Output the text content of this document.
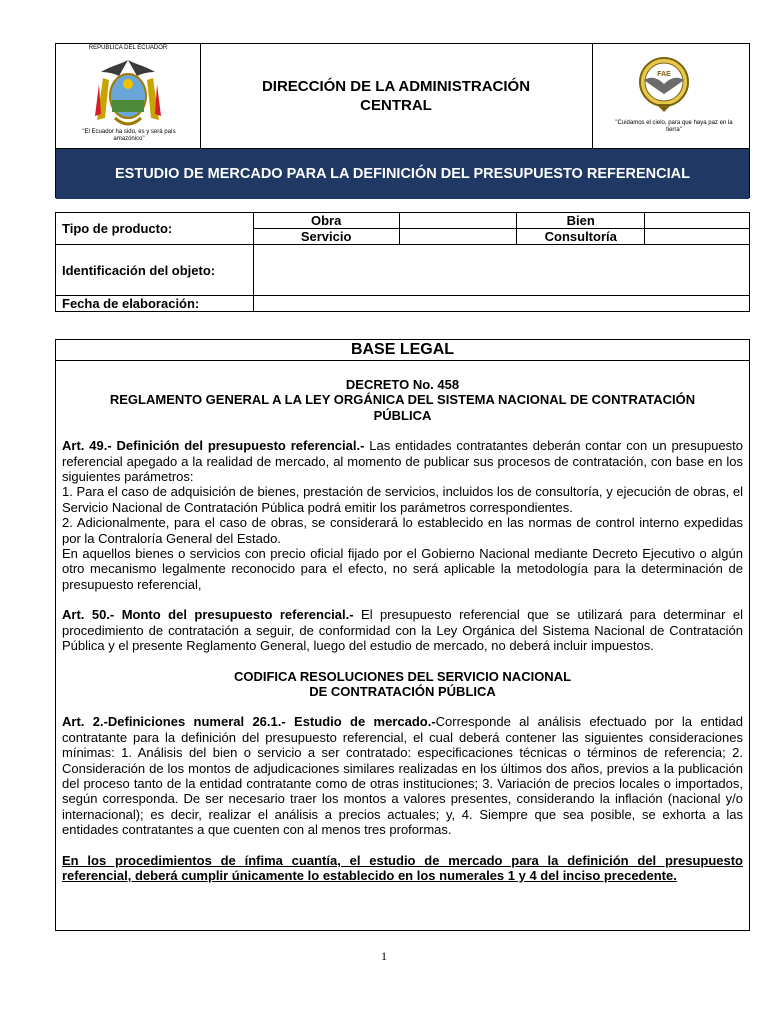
REPÚBLICA DEL ECUADOR
"El Ecuador ha sido, es y será país amazónico"
DIRECCIÓN DE LA ADMINISTRACIÓN CENTRAL
FAE
"Cuidamos el cielo, para que haya paz en la tierra"
ESTUDIO DE MERCADO PARA LA DEFINICIÓN DEL PRESUPUESTO REFERENCIAL
Tipo de producto:	Obra		Bien	
	Servicio		Consultoría	
Identificación del objeto:				
Fecha de elaboración:				
BASE LEGAL
DECRETO No. 458
REGLAMENTO GENERAL A LA LEY ORGÁNICA DEL SISTEMA NACIONAL DE CONTRATACIÓN PÚBLICA

Art. 49.- Definición del presupuesto referencial.- Las entidades contratantes deberán contar con un presupuesto referencial apegado a la realidad de mercado, al momento de publicar sus procesos de contratación, con base en los siguientes parámetros:

1. Para el caso de adquisición de bienes, prestación de servicios, incluidos los de consultoría, y ejecución de obras, el Servicio Nacional de Contratación Pública podrá emitir los parámetros correspondientes.

2. Adicionalmente, para el caso de obras, se considerará lo establecido en las normas de control interno expedidas por la Contraloría General del Estado.

En aquellos bienes o servicios con precio oficial fijado por el Gobierno Nacional mediante Decreto Ejecutivo o algún otro mecanismo legalmente reconocido para el efecto, no será aplicable la metodología para la determinación de presupuesto referencial,

Art. 50.- Monto del presupuesto referencial.- El presupuesto referencial que se utilizará para determinar el procedimiento de contratación a seguir, de conformidad con la Ley Orgánica del Sistema Nacional de Contratación Pública y el presente Reglamento General, luego del estudio de mercado, no deberá incluir impuestos.

CODIFICA RESOLUCIONES DEL SERVICIO NACIONAL
DE CONTRATACIÓN PÚBLICA

Art. 2.-Definiciones numeral 26.1.- Estudio de mercado.-Corresponde al análisis efectuado por la entidad contratante para la definición del presupuesto referencial, el cual deberá contener las siguientes consideraciones mínimas: 1. Análisis del bien o servicio a ser contratado: especificaciones técnicas o términos de referencia; 2. Consideración de los montos de adjudicaciones similares realizadas en los últimos dos años, previos a la publicación del proceso tanto de la entidad contratante como de otras instituciones; 3. Variación de precios locales o importados, según corresponda. De ser necesario traer los montos a valores presentes, considerando la inflación (nacional y/o internacional); es decir, realizar el análisis a precios actuales; y, 4. Siempre que sea posible, se exhorta a las entidades contratantes a que cuenten con al menos tres proformas.

En los procedimientos de ínfima cuantía, el estudio de mercado para la definición del presupuesto referencial, deberá cumplir únicamente lo establecido en los numerales 1 y 4 del inciso precedente.

1
